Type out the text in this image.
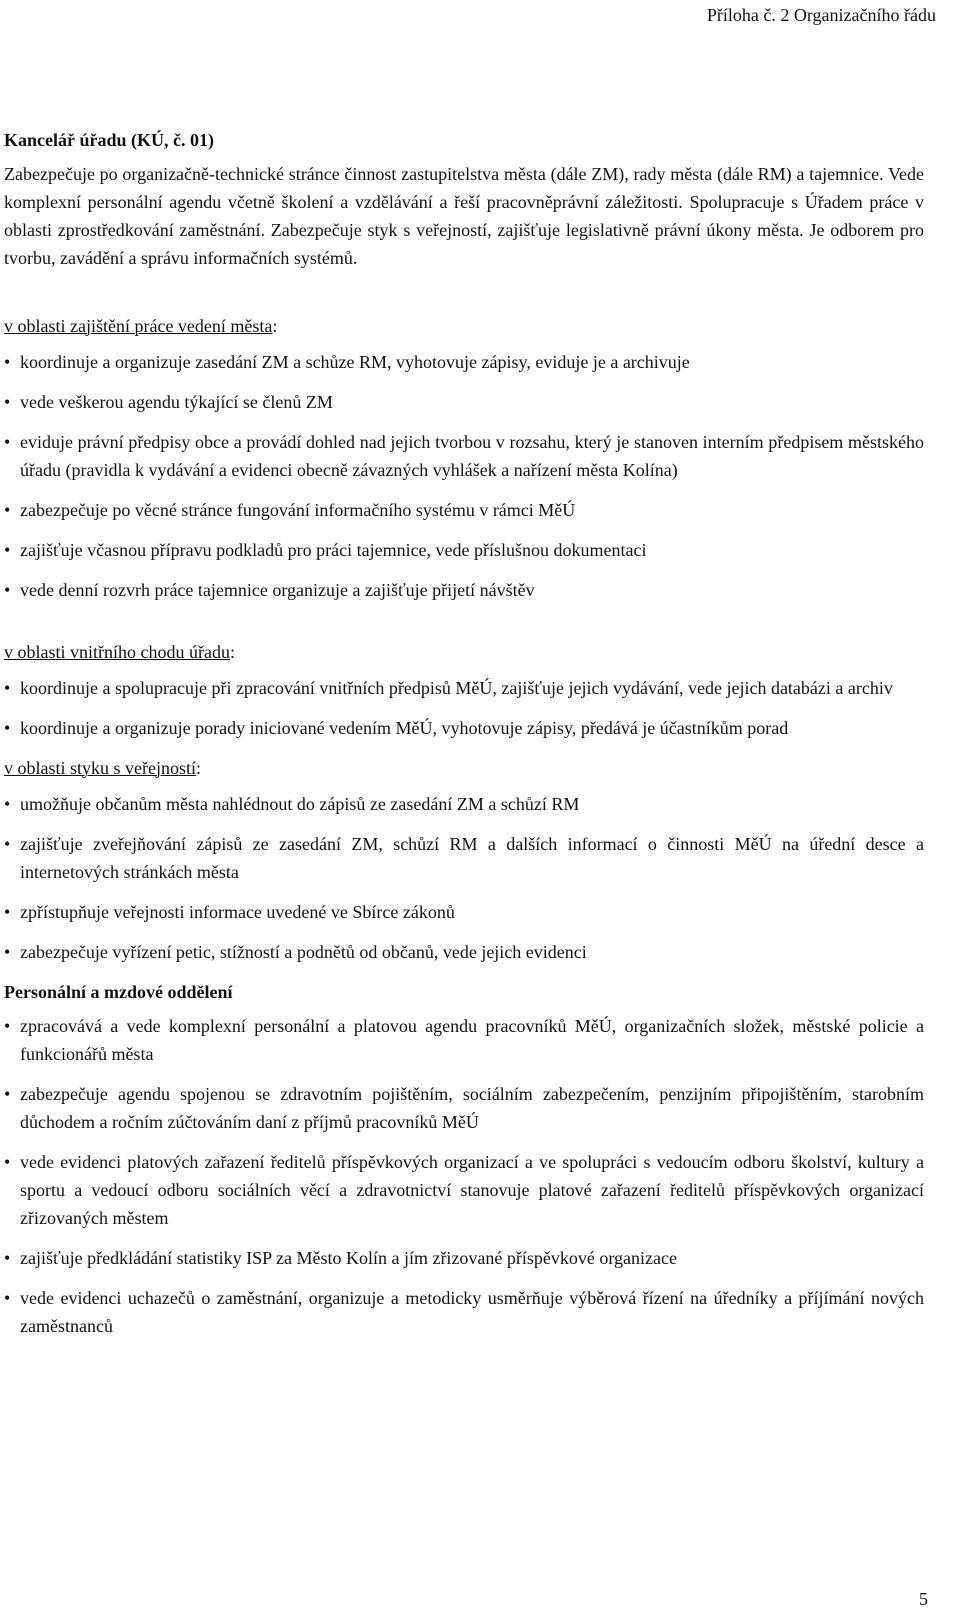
Příloha č. 2 Organizačního řádu
Kancelář úřadu (KÚ, č. 01)

Zabezpečuje po organizačně-technické stránce činnost zastupitelstva města (dále ZM), rady města (dále RM) a tajemnice. Vede komplexní personální agendu včetně školení a vzdělávání a řeší pracovněprávní záležitosti. Spolupracuje s Úřadem práce v oblasti zprostředkování zaměstnání. Zabezpečuje styk s veřejností, zajišťuje legislativně právní úkony města. Je odborem pro tvorbu, zavádění a správu informačních systémů.

v oblasti zajištění práce vedení města:
• koordinuje a organizuje zasedání ZM a schůze RM, vyhotovuje zápisy, eviduje je a archivuje
• vede veškerou agendu týkající se členů ZM
• eviduje právní předpisy obce a provádí dohled nad jejich tvorbou v rozsahu, který je stanoven interním předpisem městského úřadu (pravidla k vydávání a evidenci obecně závazných vyhlášek a nařízení města Kolína)
• zabezpečuje po věcné stránce fungování informačního systému v rámci MěÚ
• zajišťuje včasnou přípravu podkladů pro práci tajemnice, vede příslušnou dokumentaci
• vede denní rozvrh práce tajemnice organizuje a zajišťuje přijetí návštěv
v oblasti vnitřního chodu úřadu:
• koordinuje a spolupracuje při zpracování vnitřních předpisů MěÚ, zajišťuje jejich vydávání, vede jejich databázi a archiv
• koordinuje a organizuje porady iniciované vedením MěÚ, vyhotovuje zápisy, předává je účastníkům porad
v oblasti styku s veřejností:
• umožňuje občanům města nahlédnout do zápisů ze zasedání ZM a schůzí RM
• zajišťuje zveřejňování zápisů ze zasedání ZM, schůzí RM a dalších informací o činnosti MěÚ na úřední desce a internetových stránkách města
• zpřístupňuje veřejnosti informace uvedené ve Sbírce zákonů
• zabezpečuje vyřízení petic, stížností a podnětů od občanů, vede jejich evidenci
Personální a mzdové oddělení
• zpracovává a vede komplexní personální a platovou agendu pracovníků MěÚ, organizačních složek, městské policie a funkcionářů města
• zabezpečuje agendu spojenou se zdravotním pojištěním, sociálním zabezpečením, penzijním připojištěním, starobním důchodem a ročním zúčtováním daní z příjmů pracovníků MěÚ
• vede evidenci platových zařazení ředitelů příspěvkových organizací a ve spolupráci s vedoucím odboru školství, kultury a sportu a vedoucí odboru sociálních věcí a zdravotnictví stanovuje platové zařazení ředitelů příspěvkových organizací zřizovaných městem
• zajišťuje předkládání statistiky ISP za Město Kolín a jím zřizované příspěvkové organizace
• vede evidenci uchazečů o zaměstnání, organizuje a metodicky usměrňuje výběrová řízení na úředníky a příjímání nových zaměstnanců
5
